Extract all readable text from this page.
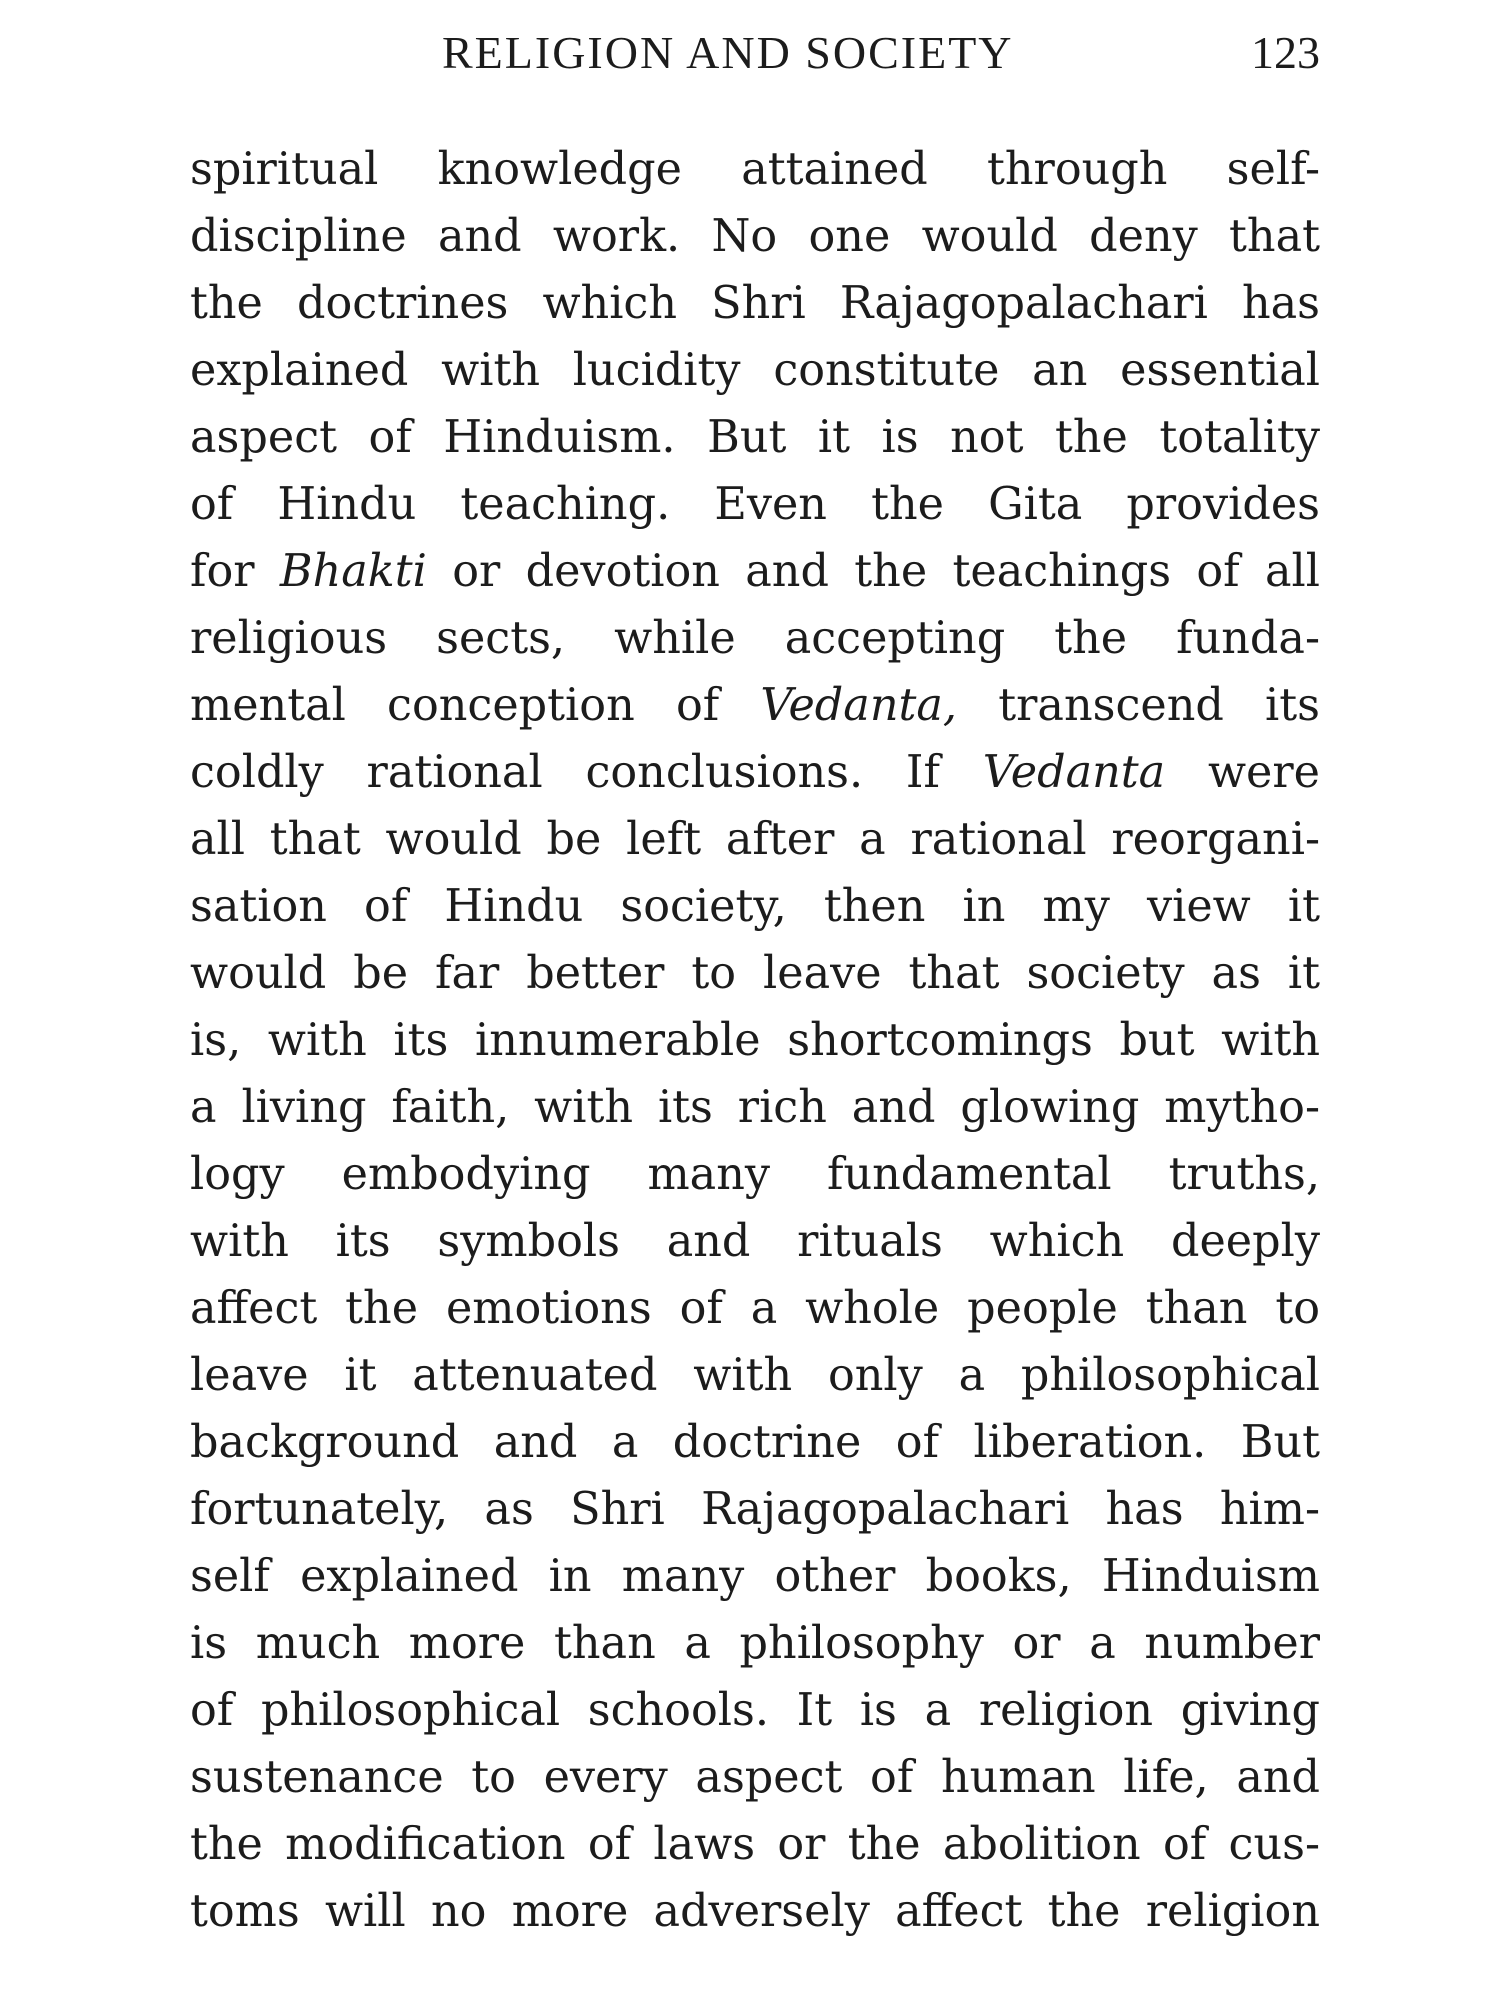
RELIGION AND SOCIETY	123
spiritual knowledge attained through self-
discipline and work. No one would deny that
the doctrines which Shri Rajagopalachari has
explained with lucidity constitute an essential
aspect of Hinduism. But it is not the totality
of Hindu teaching. Even the Gita provides
for Bhakti or devotion and the teachings of all
religious sects, while accepting the funda-
mental conception of Vedanta, transcend its
coldly rational conclusions. If Vedanta were
all that would be left after a rational reorgani-
sation of Hindu society, then in my view it
would be far better to leave that society as it
is, with its innumerable shortcomings but with
a living faith, with its rich and glowing mytho-
logy embodying many fundamental truths,
with its symbols and rituals which deeply
affect the emotions of a whole people than to
leave it attenuated with only a philosophical
background and a doctrine of liberation. But
fortunately, as Shri Rajagopalachari has him-
self explained in many other books, Hinduism
is much more than a philosophy or a number
of philosophical schools. It is a religion giving
sustenance to every aspect of human life, and
the modification of laws or the abolition of cus-
toms will no more adversely affect the religion
